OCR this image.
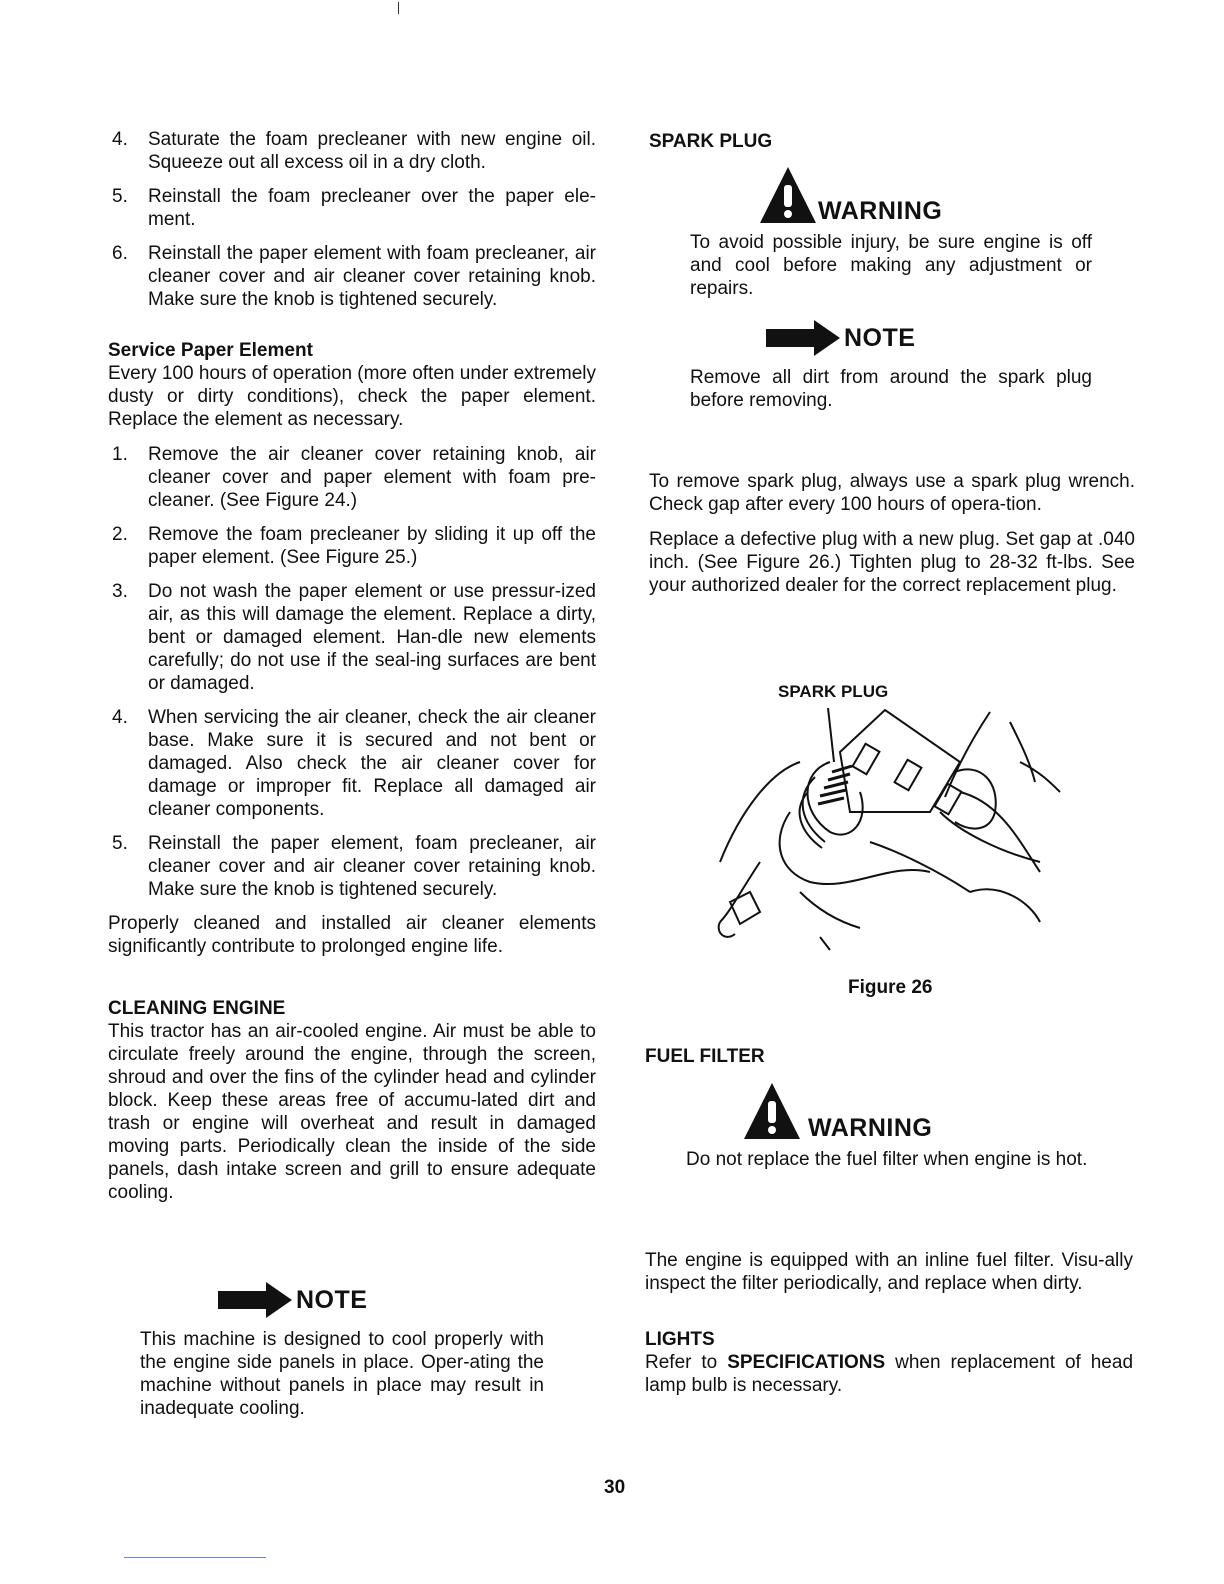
4. Saturate the foam precleaner with new engine oil. Squeeze out all excess oil in a dry cloth.
5. Reinstall the foam precleaner over the paper ele-ment.
6. Reinstall the paper element with foam precleaner, air cleaner cover and air cleaner cover retaining knob. Make sure the knob is tightened securely.

Service Paper Element

Every 100 hours of operation (more often under extremely dusty or dirty conditions), check the paper element. Replace the element as necessary.

1. Remove the air cleaner cover retaining knob, air cleaner cover and paper element with foam pre-cleaner. (See Figure 24.)
2. Remove the foam precleaner by sliding it up off the paper element. (See Figure 25.)
3. Do not wash the paper element or use pressur-ized air, as this will damage the element. Replace a dirty, bent or damaged element. Han-dle new elements carefully; do not use if the seal-ing surfaces are bent or damaged.
4. When servicing the air cleaner, check the air cleaner base. Make sure it is secured and not bent or damaged. Also check the air cleaner cover for damage or improper fit. Replace all damaged air cleaner components.
5. Reinstall the paper element, foam precleaner, air cleaner cover and air cleaner cover retaining knob. Make sure the knob is tightened securely.

Properly cleaned and installed air cleaner elements significantly contribute to prolonged engine life.

CLEANING ENGINE

This tractor has an air-cooled engine. Air must be able to circulate freely around the engine, through the screen, shroud and over the fins of the cylinder head and cylinder block. Keep these areas free of accumu-lated dirt and trash or engine will overheat and result in damaged moving parts. Periodically clean the inside of the side panels, dash intake screen and grill to ensure adequate cooling.

NOTE

This machine is designed to cool properly with the engine side panels in place. Oper-ating the machine without panels in place may result in inadequate cooling.

SPARK PLUG

WARNING

To avoid possible injury, be sure engine is off and cool before making any adjustment or repairs.

NOTE

Remove all dirt from around the spark plug before removing.

To remove spark plug, always use a spark plug wrench. Check gap after every 100 hours of opera-tion.

Replace a defective plug with a new plug. Set gap at .040 inch. (See Figure 26.) Tighten plug to 28-32 ft-lbs. See your authorized dealer for the correct replacement plug.

SPARK PLUG
Figure 26

FUEL FILTER

WARNING

Do not replace the fuel filter when engine is hot.

The engine is equipped with an inline fuel filter. Visu-ally inspect the filter periodically, and replace when dirty.

LIGHTS

Refer to SPECIFICATIONS when replacement of head lamp bulb is necessary.

30
